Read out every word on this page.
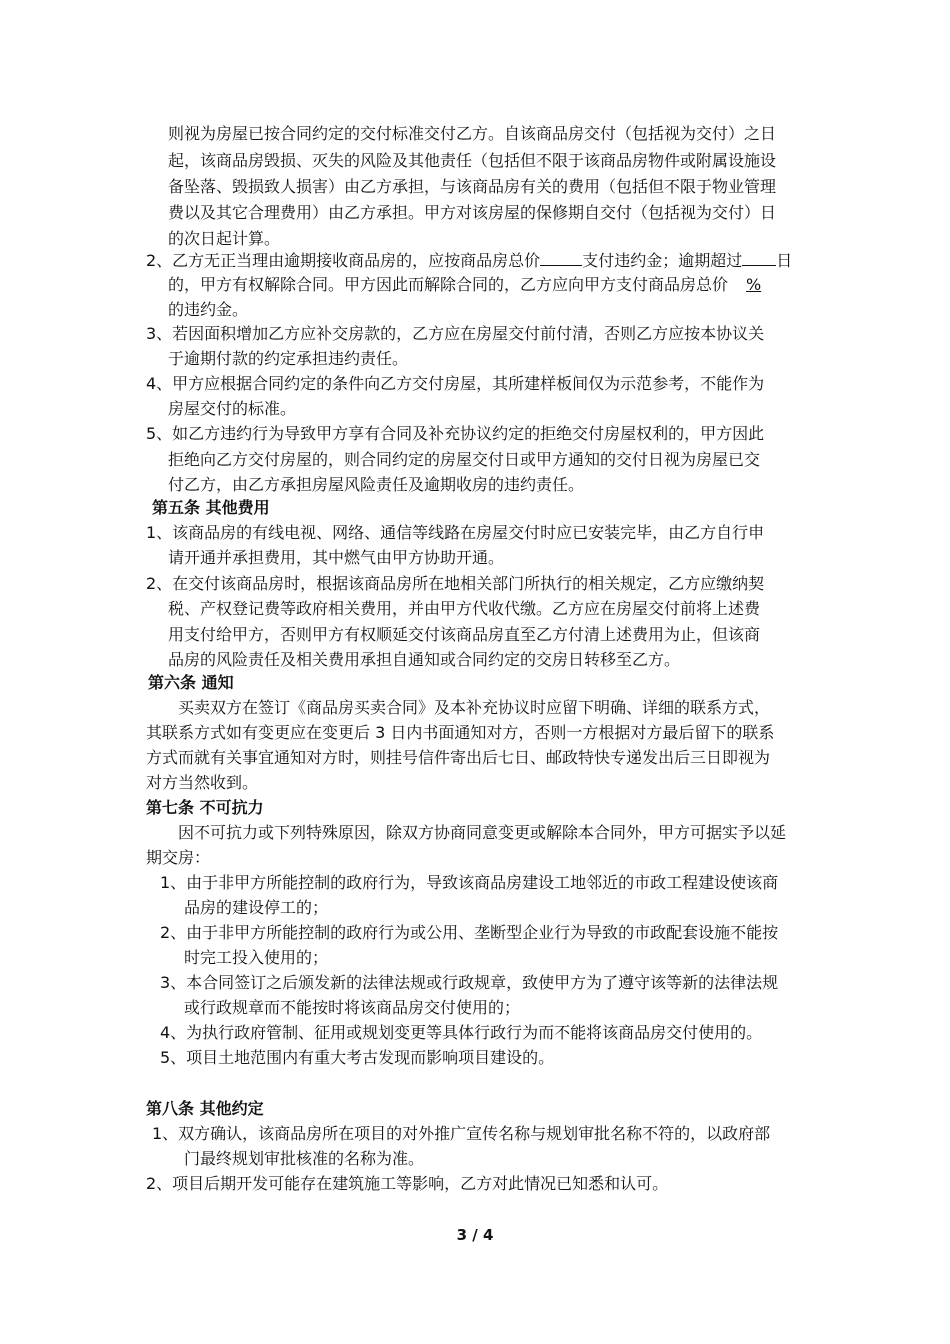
则视为房屋已按合同约定的交付标准交付乙方。自该商品房交付（包括视为交付）之日
起，该商品房毁损、灭失的风险及其他责任（包括但不限于该商品房物件或附属设施设
备坠落、毁损致人损害）由乙方承担，与该商品房有关的费用（包括但不限于物业管理
费以及其它合理费用）由乙方承担。甲方对该房屋的保修期自交付（包括视为交付）日
的次日起计算。
2、乙方无正当理由逾期接收商品房的，应按商品房总价	支付违约金；逾期超过 日
的，甲方有权解除合同。甲方因此而解除合同的，乙方应向甲方支付商品房总价 %
的违约金。
3、若因面积增加乙方应补交房款的，乙方应在房屋交付前付清，否则乙方应按本协议关
于逾期付款的约定承担违约责任。
4、甲方应根据合同约定的条件向乙方交付房屋，其所建样板间仅为示范参考，不能作为
房屋交付的标准。
5、如乙方违约行为导致甲方享有合同及补充协议约定的拒绝交付房屋权利的，甲方因此
拒绝向乙方交付房屋的，则合同约定的房屋交付日或甲方通知的交付日视为房屋已交
付乙方，由乙方承担房屋风险责任及逾期收房的违约责任。
第五条 其他费用
1、该商品房的有线电视、网络、通信等线路在房屋交付时应已安装完毕，由乙方自行申
请开通并承担费用，其中燃气由甲方协助开通。
2、在交付该商品房时，根据该商品房所在地相关部门所执行的相关规定，乙方应缴纳契
税、产权登记费等政府相关费用，并由甲方代收代缴。乙方应在房屋交付前将上述费
用支付给甲方，否则甲方有权顺延交付该商品房直至乙方付清上述费用为止，但该商
品房的风险责任及相关费用承担自通知或合同约定的交房日转移至乙方。
第六条 通知
买卖双方在签订《商品房买卖合同》及本补充协议时应留下明确、详细的联系方式，
其联系方式如有变更应在变更后 3 日内书面通知对方，否则一方根据对方最后留下的联系
方式而就有关事宜通知对方时，则挂号信件寄出后七日、邮政特快专递发出后三日即视为
对方当然收到。
第七条 不可抗力
因不可抗力或下列特殊原因，除双方协商同意变更或解除本合同外，甲方可据实予以延
期交房：
1、由于非甲方所能控制的政府行为，导致该商品房建设工地邻近的市政工程建设使该商
品房的建设停工的；
2、由于非甲方所能控制的政府行为或公用、垄断型企业行为导致的市政配套设施不能按
时完工投入使用的；
3、本合同签订之后颁发新的法律法规或行政规章，致使甲方为了遵守该等新的法律法规
或行政规章而不能按时将该商品房交付使用的；
4、为执行政府管制、征用或规划变更等具体行政行为而不能将该商品房交付使用的。
5、项目土地范围内有重大考古发现而影响项目建设的。
第八条 其他约定
1、双方确认，该商品房所在项目的对外推广宣传名称与规划审批名称不符的，以政府部
门最终规划审批核准的名称为准。
2、项目后期开发可能存在建筑施工等影响，乙方对此情况已知悉和认可。
3 / 4
